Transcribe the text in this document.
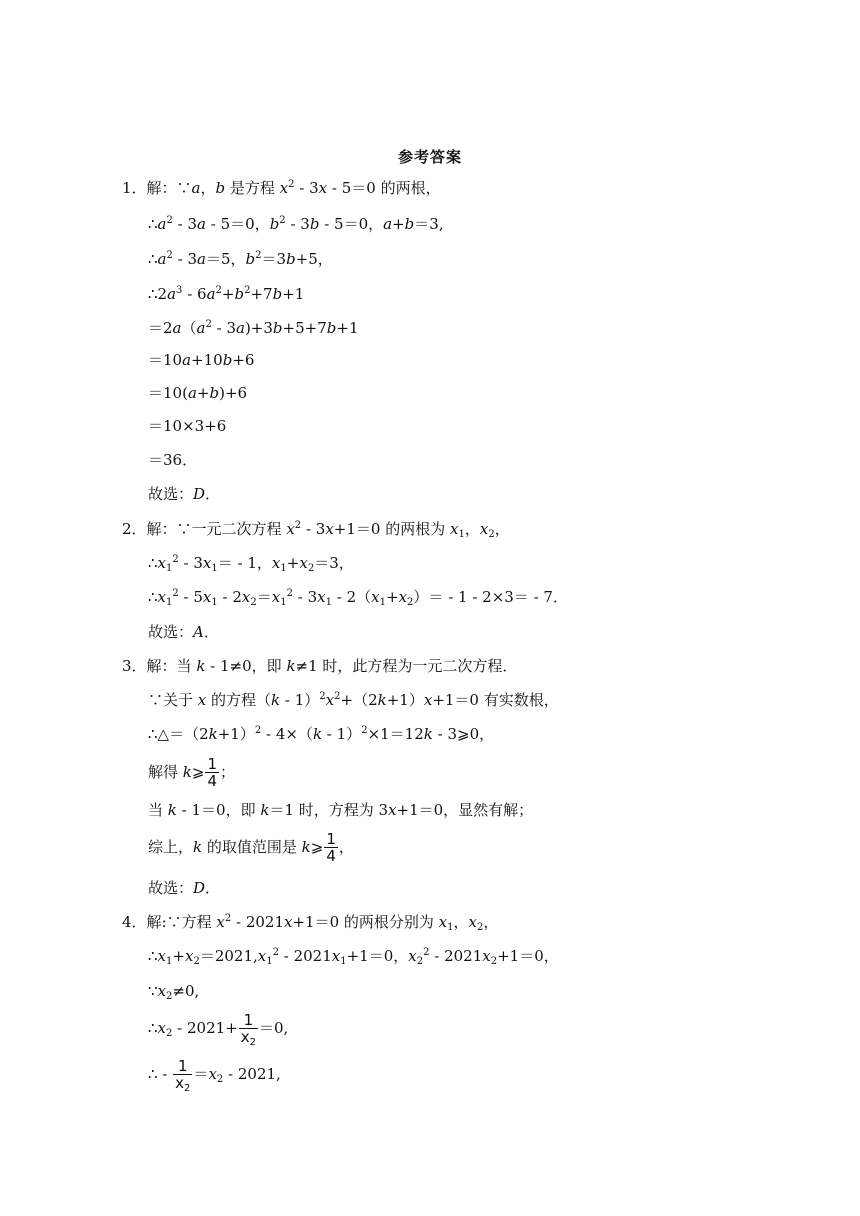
参考答案
1．解：∵a，b 是方程 $x^2 - 3x - 5=0$ 的两根，
$\therefore a^2 - 3a - 5=0$，$b^2 - 3b - 5=0$，a+b＝3,
$\therefore a^2 - 3a=5$，$b^2=3b+5$，
$\therefore 2a^3 - 6a^2+b^2+7b+1$
$=2a(a^2 - 3a)+3b+5+7b+1$
＝10a+10b+6
＝10(a+b)+6
＝10×3+6
＝36．
故选：D．
2．解：∵一元二次方程 $x^2 - 3x+1=0$ 的两根为 $x_1$，$x_2$，
$\therefore x_1^2 - 3x_1= - 1$，$x_1+x_2=3$，
$\therefore x_1^2 - 5x_1 - 2x_2=x_1^2 - 3x_1 - 2(x_1+x_2)= - 1 - 2\times 3= - 7$．
故选：A．
3．解：当 k - 1≠0，即 k≠1 时，此方程为一元二次方程．
∵关于 x 的方程$(k - 1)^2x^2+(2k+1)x+1=0$ 有实数根，
$\therefore\triangle=(2k+1)^2 - 4\times(k - 1)^2\times 1=12k$ - 3⩾0，
解得 k⩾ $\frac{1}{4}$ ；
当 k - 1＝0，即 k＝1 时，方程为 3x+1＝0，显然有解；
综上，k 的取值范围是 k⩾ $\frac{1}{4}$ ，
故选：D．
4．解:∵方程 $x^2 - 2021x+1=0$ 的两根分别为 $x_1$，$x_2$，
$\therefore x_1+x_2=2021,x_1^2 - 2021x_1+1=0$，$x_2^2 - 2021x_2+1=0$，
$\because x_2\ne 0$,
$\therefore x_2 - 2021+ \frac{1}{x_2} =0$,
∴ - $\frac{1}{x_2} =x_2 - 2021$,
